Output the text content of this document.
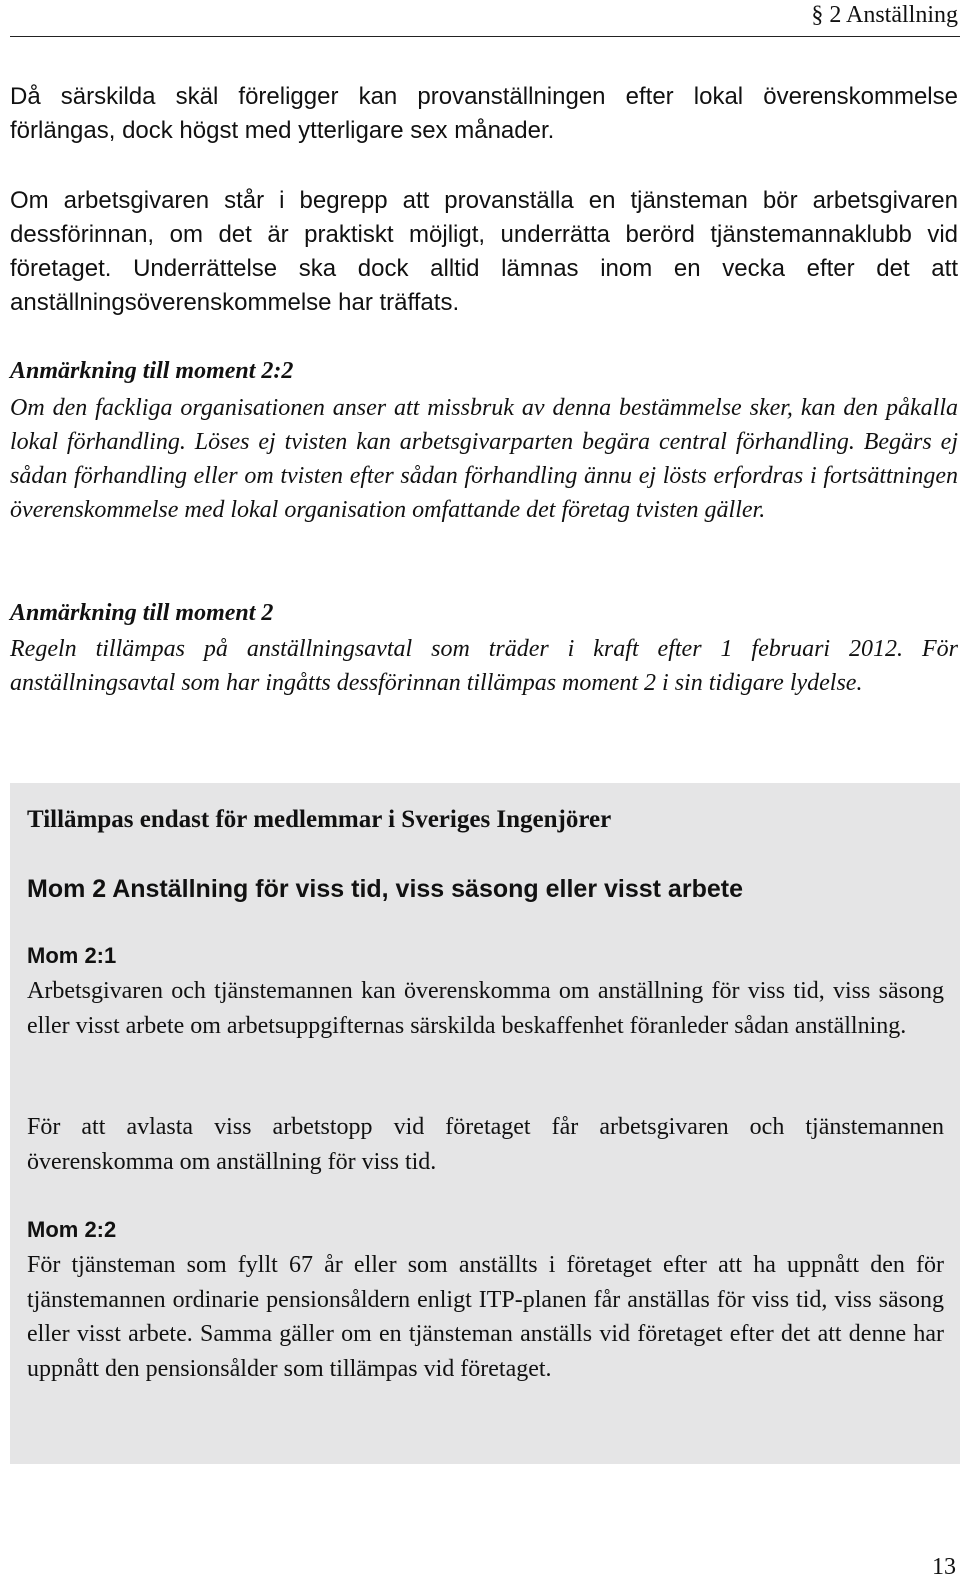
§ 2 Anställning

Då särskilda skäl föreligger kan provanställningen efter lokal överenskommelse förlängas, dock högst med ytterligare sex månader.

Om arbetsgivaren står i begrepp att provanställa en tjänsteman bör arbetsgivaren dessförinnan, om det är praktiskt möjligt, underrätta berörd tjänstemannaklubb vid företaget. Underrättelse ska dock alltid lämnas inom en vecka efter det att anställningsöverenskommelse har träffats.

Anmärkning till moment 2:2

Om den fackliga organisationen anser att missbruk av denna bestämmelse sker, kan den påkalla lokal förhandling. Löses ej tvisten kan arbetsgivarparten begära central förhandling. Begärs ej sådan förhandling eller om tvisten efter sådan förhandling ännu ej lösts erfordras i fortsättningen överenskommelse med lokal organisation omfattande det företag tvisten gäller.

Anmärkning till moment 2

Regeln tillämpas på anställningsavtal som träder i kraft efter 1 februari 2012. För anställningsavtal som har ingåtts dessförinnan tillämpas moment 2 i sin tidigare lydelse.

Tillämpas endast för medlemmar i Sveriges Ingenjörer

Mom 2 Anställning för viss tid, viss säsong eller visst arbete

Mom 2:1

Arbetsgivaren och tjänstemannen kan överenskomma om anställning för viss tid, viss säsong eller visst arbete om arbetsuppgifternas särskilda beskaffenhet föranleder sådan anställning.

För att avlasta viss arbetstopp vid företaget får arbetsgivaren och tjänstemannen överenskomma om anställning för viss tid.

Mom 2:2

För tjänsteman som fyllt 67 år eller som anställts i företaget efter att ha uppnått den för tjänstemannen ordinarie pensionsåldern enligt ITP-planen får anställas för viss tid, viss säsong eller visst arbete. Samma gäller om en tjänsteman anställs vid företaget efter det att denne har uppnått den pensionsålder som tillämpas vid företaget.

13
